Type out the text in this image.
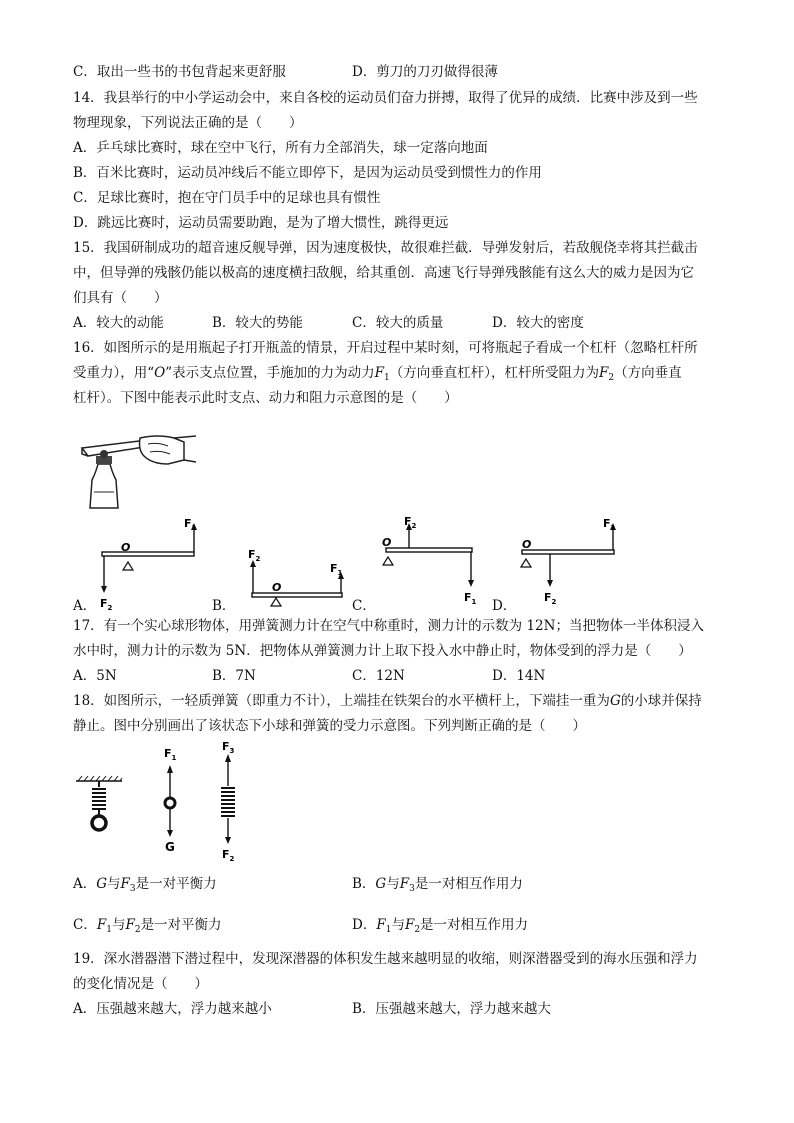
C．取出一些书的书包背起来更舒服	D．剪刀的刀刃做得很薄
14．我县举行的中小学运动会中，来自各校的运动员们奋力拼搏，取得了优异的成绩．比赛中涉及到一些
物理现象，下列说法正确的是（　　）
A．乒乓球比赛时，球在空中飞行，所有力全部消失，球一定落向地面
B．百米比赛时，运动员冲线后不能立即停下，是因为运动员受到惯性力的作用
C．足球比赛时，抱在守门员手中的足球也具有惯性
D．跳远比赛时，运动员需要助跑，是为了增大惯性，跳得更远
15．我国研制成功的超音速反舰导弹，因为速度极快，故很难拦截．导弹发射后，若敌舰侥幸将其拦截击
中，但导弹的残骸仍能以极高的速度横扫敌舰，给其重创．高速飞行导弹残骸能有这么大的威力是因为它
们具有（　　）
A．较大的动能	B．较大的势能	C．较大的质量	D．较大的密度
16．如图所示的是用瓶起子打开瓶盖的情景，开启过程中某时刻，可将瓶起子看成一个杠杆（忽略杠杆所
受重力），用“O”表示支点位置，手施加的力为动力$F_1$（方向垂直杠杆），杠杆所受阻力为$F_2$（方向垂直
杠杆）。下图中能表示此时支点、动力和阻力示意图的是（　　）
O
$F_1$
$F_2$
A．
O
$F_2$
$F_1$
B．
O
$F_2$
$F_1$
C．
O
$F_1$
$F_2$
D．
17．有一个实心球形物体，用弹簧测力计在空气中称重时，测力计的示数为 12N；当把物体一半体积浸入
水中时，测力计的示数为 5N．把物体从弹簧测力计上取下投入水中静止时，物体受到的浮力是（　　）
A．5N	B．7N	C．12N	D．14N
18．如图所示，一轻质弹簧（即重力不计），上端挂在铁架台的水平横杆上，下端挂一重为G的小球并保持
静止。图中分别画出了该状态下小球和弹簧的受力示意图。下列判断正确的是（　　）
$F_1$
G
$F_3$
$F_2$
A．G与$F_3$是一对平衡力	B．G与$F_3$是一对相互作用力
C．$F_1$与$F_2$是一对平衡力	D．$F_1$与$F_2$是一对相互作用力
19．深水潜器潜下潜过程中，发现深潜器的体积发生越来越明显的收缩，则深潜器受到的海水压强和浮力
的变化情况是（　　）
A．压强越来越大，浮力越来越小	B．压强越来越大，浮力越来越大
